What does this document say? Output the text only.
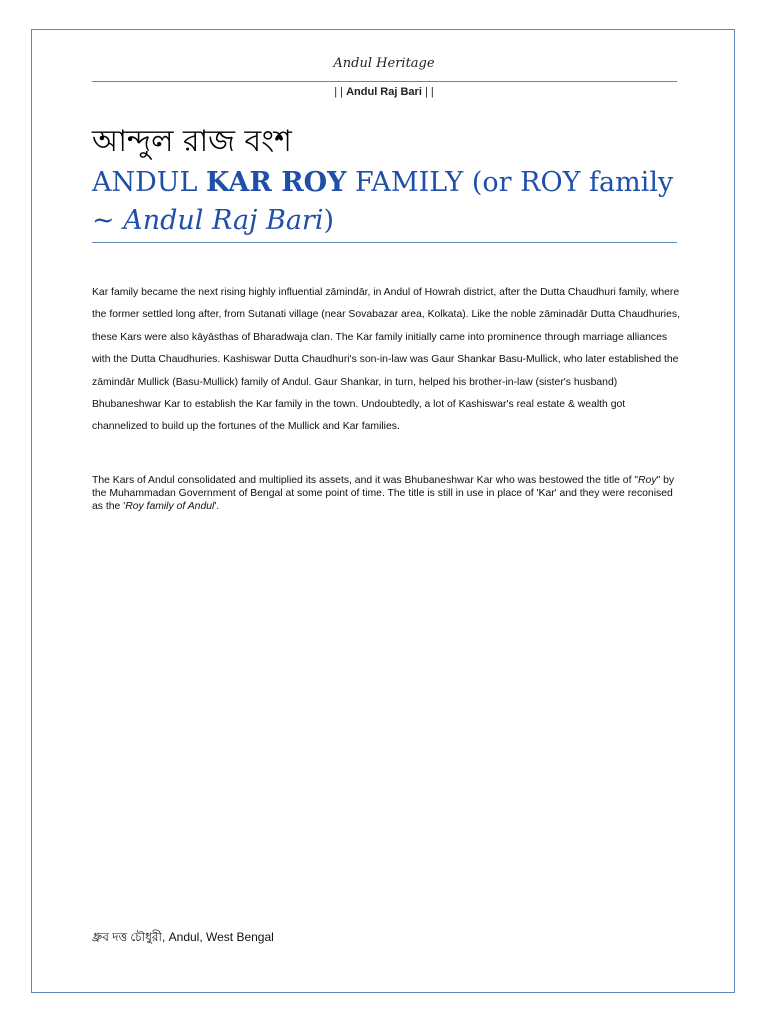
Andul Heritage
| | Andul Raj Bari | |
আন্দুল রাজ বংশ
ANDUL KAR ROY FAMILY (or ROY family ~ Andul Raj Bari)
Kar family became the next rising highly influential zāmindār, in Andul of Howrah district, after the Dutta Chaudhuri family, where the former settled long after, from Sutanati village (near Sovabazar area, Kolkata). Like the noble zāminadār Dutta Chaudhuries, these Kars were also kāyāsthas of Bharadwaja clan. The Kar family initially came into prominence through marriage alliances with the Dutta Chaudhuries. Kashiswar Dutta Chaudhuri's son-in-law was Gaur Shankar Basu-Mullick, who later established the zāmindār Mullick (Basu-Mullick) family of Andul. Gaur Shankar, in turn, helped his brother-in-law (sister's husband) Bhubaneshwar Kar to establish the Kar family in the town. Undoubtedly, a lot of Kashiswar's real estate & wealth got channelized to build up the fortunes of the Mullick and Kar families.
The Kars of Andul consolidated and multiplied its assets, and it was Bhubaneshwar Kar who was bestowed the title of "Roy" by the Muhammadan Government of Bengal at some point of time. The title is still in use in place of 'Kar' and they were reconised as the 'Roy family of Andul'.
ধ্রুব দত্ত চৌধুরী, Andul, West Bengal
